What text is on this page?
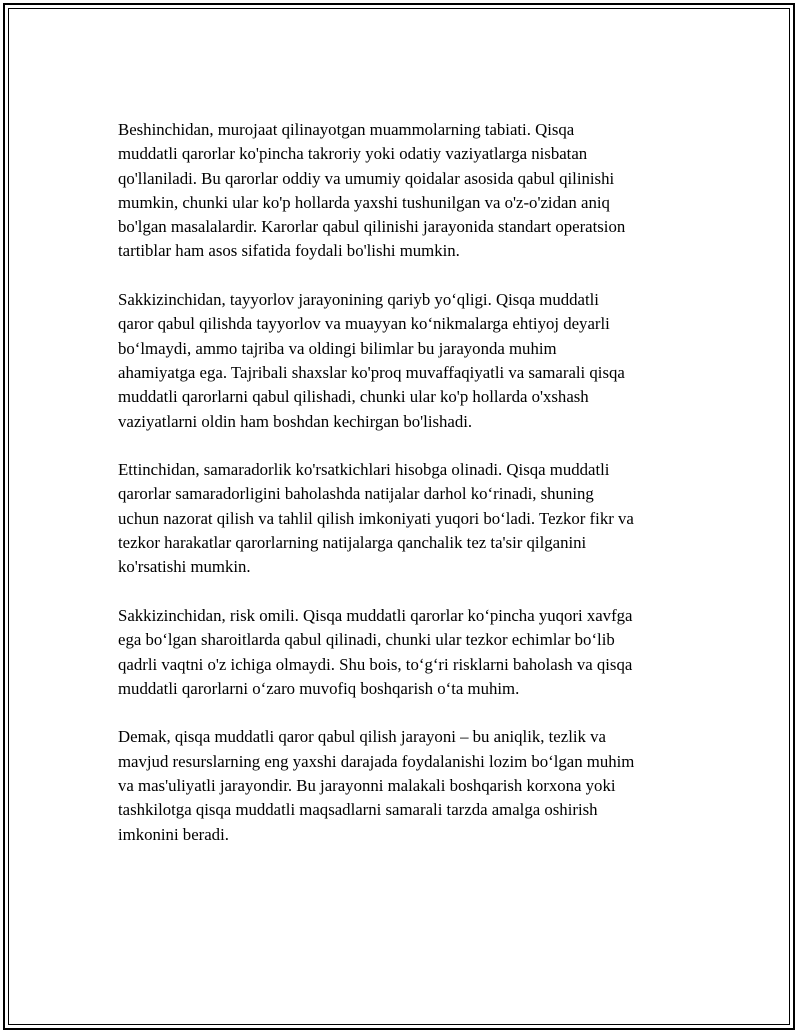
Beshinchidan, murojaat qilinayotgan muammolarning tabiati. Qisqa
muddatli qarorlar ko'pincha takroriy yoki odatiy vaziyatlarga nisbatan
qo'llaniladi. Bu qarorlar oddiy va umumiy qoidalar asosida qabul qilinishi
mumkin, chunki ular ko'p hollarda yaxshi tushunilgan va o'z-o'zidan aniq
bo'lgan masalalardir. Karorlar qabul qilinishi jarayonida standart operatsion
tartiblar ham asos sifatida foydali bo'lishi mumkin.

Sakkizinchidan, tayyorlov jarayonining qariyb yo‘qligi. Qisqa muddatli
qaror qabul qilishda tayyorlov va muayyan ko‘nikmalarga ehtiyoj deyarli
bo‘lmaydi, ammo tajriba va oldingi bilimlar bu jarayonda muhim
ahamiyatga ega. Tajribali shaxslar ko'proq muvaffaqiyatli va samarali qisqa
muddatli qarorlarni qabul qilishadi, chunki ular ko'p hollarda o'xshash
vaziyatlarni oldin ham boshdan kechirgan bo'lishadi.

Ettinchidan, samaradorlik ko'rsatkichlari hisobga olinadi. Qisqa muddatli
qarorlar samaradorligini baholashda natijalar darhol ko‘rinadi, shuning
uchun nazorat qilish va tahlil qilish imkoniyati yuqori bo‘ladi. Tezkor fikr va
tezkor harakatlar qarorlarning natijalarga qanchalik tez ta'sir qilganini
ko'rsatishi mumkin.

Sakkizinchidan, risk omili. Qisqa muddatli qarorlar ko‘pincha yuqori xavfga
ega bo‘lgan sharoitlarda qabul qilinadi, chunki ular tezkor echimlar bo‘lib
qadrli vaqtni o'z ichiga olmaydi. Shu bois, to‘g‘ri risklarni baholash va qisqa
muddatli qarorlarni o‘zaro muvofiq boshqarish o‘ta muhim.

Demak, qisqa muddatli qaror qabul qilish jarayoni – bu aniqlik, tezlik va
mavjud resurslarning eng yaxshi darajada foydalanishi lozim bo‘lgan muhim
va mas'uliyatli jarayondir. Bu jarayonni malakali boshqarish korxona yoki
tashkilotga qisqa muddatli maqsadlarni samarali tarzda amalga oshirish
imkonini beradi.
